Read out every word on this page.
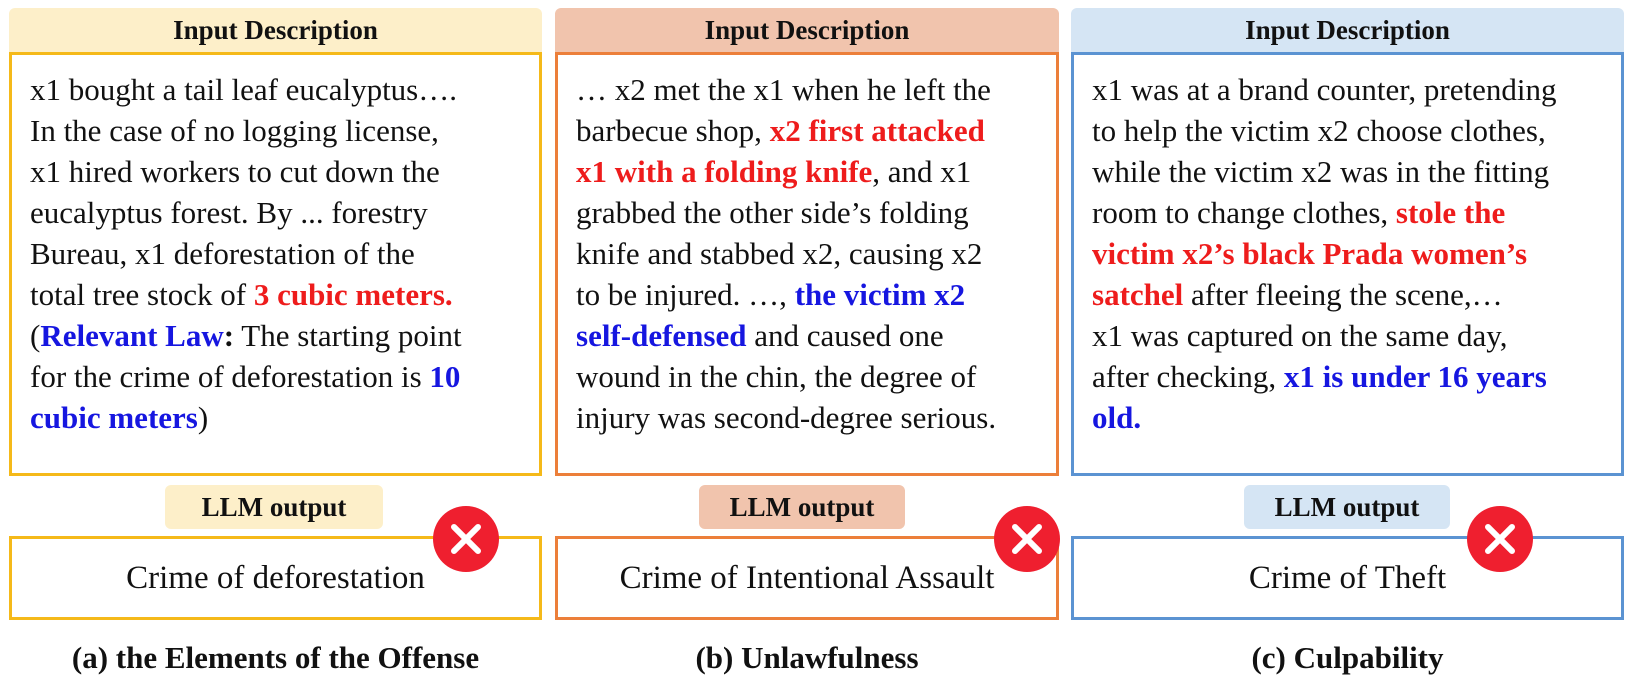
Input Description
x1 bought a tail leaf eucalyptus….
In the case of no logging license,
x1 hired workers to cut down the
eucalyptus forest. By ... forestry
Bureau, x1 deforestation of the
total tree stock of 3 cubic meters.
(Relevant Law: The starting point
for the crime of deforestation is 10
cubic meters)
LLM output
Crime of deforestation
(a) the Elements of the Offense
Input Description
… x2 met the x1 when he left the
barbecue shop, x2 first attacked
x1 with a folding knife, and x1
grabbed the other side’s folding
knife and stabbed x2, causing x2
to be injured. …, the victim x2
self-defensed and caused one
wound in the chin, the degree of
injury was second-degree serious.
LLM output
Crime of Intentional Assault
(b) Unlawfulness
Input Description
x1 was at a brand counter, pretending
to help the victim x2 choose clothes,
while the victim x2 was in the fitting
room to change clothes, stole the
victim x2’s black Prada women’s
satchel after fleeing the scene,…
x1 was captured on the same day,
after checking, x1 is under 16 years
old.
LLM output
Crime of Theft
(c) Culpability
